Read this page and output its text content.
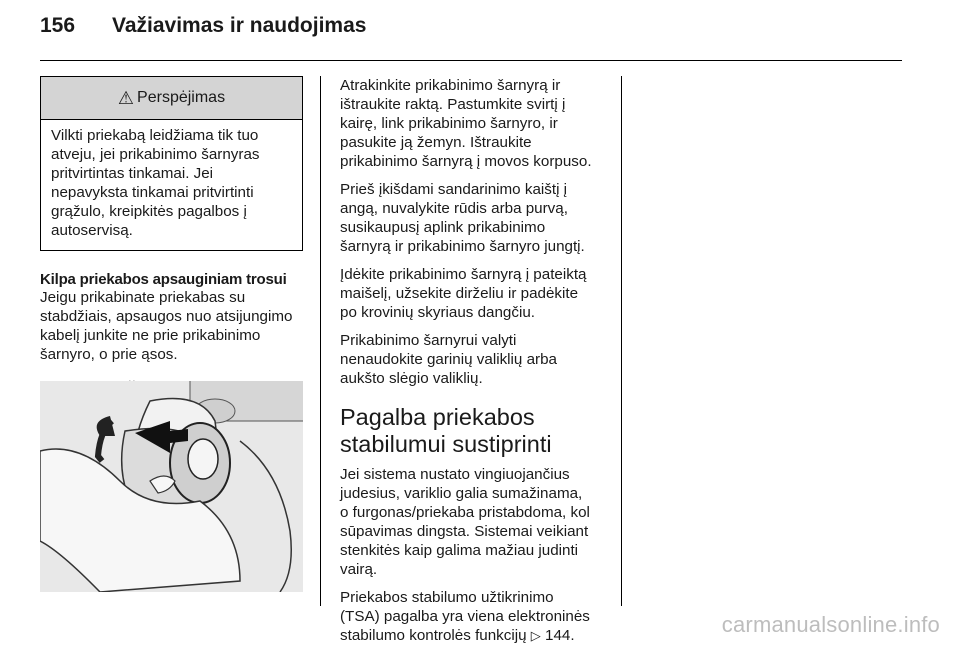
156 Važiavimas ir naudojimas
⚠ Perspėjimas

Vilkti priekabą leidžiama tik tuo

atveju, jei prikabinimo šarnyras

pritvirtintas tinkamai. Jei

nepavyksta tinkamai pritvirtinti

grąžulo, kreipkitės pagalbos į

autoservisą.

Kilpa priekabos apsauginiam trosui

Jeigu prikabinate priekabas su

stabdžiais, apsaugos nuo atsijungimo

kabelį junkite ne prie prikabinimo

šarnyro, o prie ąsos.

Atrakinkite prikabinimo šarnyrą ir
ištraukite raktą. Pastumkite svirtį į
kairę, link prikabinimo šarnyro, ir
pasukite ją žemyn. Ištraukite
prikabinimo šarnyrą į movos korpuso.

Prieš įkišdami sandarinimo kaištį į
angą, nuvalykite rūdis arba purvą,
susikaupusį aplink prikabinimo
šarnyrą ir prikabinimo šarnyro jungtį.

Įdėkite prikabinimo šarnyrą į pateiktą
maišelį, užsekite dirželiu ir padėkite
po krovinių skyriaus dangčiu.

Prikabinimo šarnyrui valyti
nenaudokite garinių valiklių arba
aukšto slėgio valiklių.

Pagalba priekabos
stabilumui sustiprinti

Jei sistema nustato vingiuojančius
judesius, variklio galia sumažinama,
o furgonas/priekaba pristabdoma, kol
sūpavimas dingsta. Sistemai veikiant
stenkitės kaip galima mažiau judinti
vairą.

Priekabos stabilumo užtikrinimo
(TSA) pagalba yra viena elektroninės
stabilumo kontrolės funkcijų ▷ 144.	carmanualsonline.info
